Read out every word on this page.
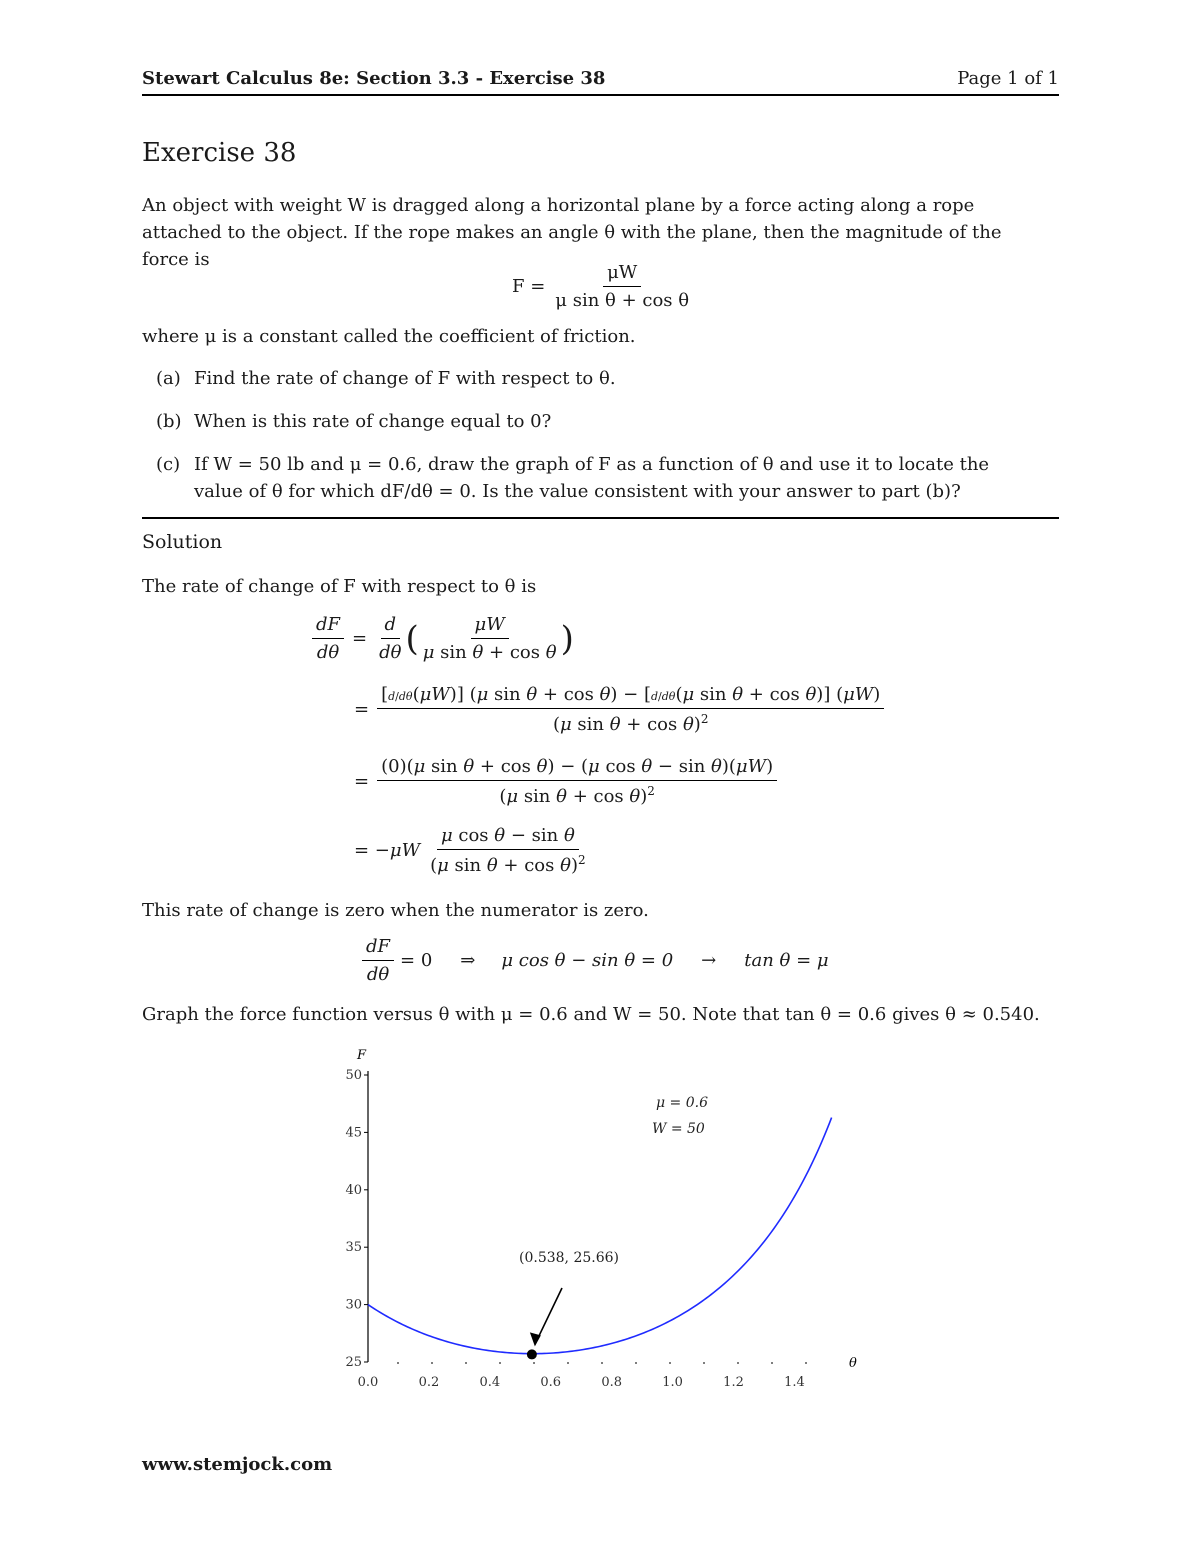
Stewart Calculus 8e: Section 3.3 - Exercise 38	Page 1 of 1
Exercise 38
An object with weight W is dragged along a horizontal plane by a force acting along a rope
attached to the object. If the rope makes an angle θ with the plane, then the magnitude of the
force is
$F = \frac{\mu W}{\text{μ sin θ + cos θ}}$
where μ is a constant called the coefficient of friction.
(a) Find the rate of change of F with respect to θ.
(b) When is this rate of change equal to 0?
(c) If W = 50 lb and μ = 0.6, draw the graph of F as a function of θ and use it to locate the
value of θ for which dF/dθ = 0. Is the value consistent with your answer to part (b)?
Solution
The rate of change of F with respect to θ is
$\frac{dF}{d\theta} = \frac{d}{d\theta}$ ( $\frac{\mu W}{\text{μ sin θ + cos θ}}$ )
= $\frac{\text{[d/dθ(μW)] (μ sin θ + cos θ) − [d/dθ(μ sin θ + cos θ)] (μW)}}{(\mu \sin \theta + \cos \theta)^2}$
= $\frac{\text{(0)(μ sin θ + cos θ) − (μ cos θ − sin θ)(μW)}}{(\mu \sin \theta + \cos \theta)^2}$
= $-\mu W \frac{\text{μ cos θ − sin θ}}{(\mu \sin \theta + \cos \theta)^2}$
This rate of change is zero when the numerator is zero.
$\frac{dF}{d\theta} = 0$ ⇒ μ cos θ − sin θ = 0 → tan θ = μ
Graph the force function versus θ with μ = 0.6 and W = 50. Note that tan θ = 0.6 gives θ ≈ 0.540.
F
25
30
35
40
45
50
θ
0.0	0.2	0.4	0.6	0.8	1.0	1.2	1.4
(0.538, 25.66)
μ = 0.6
W = 50
www.stemjock.com
